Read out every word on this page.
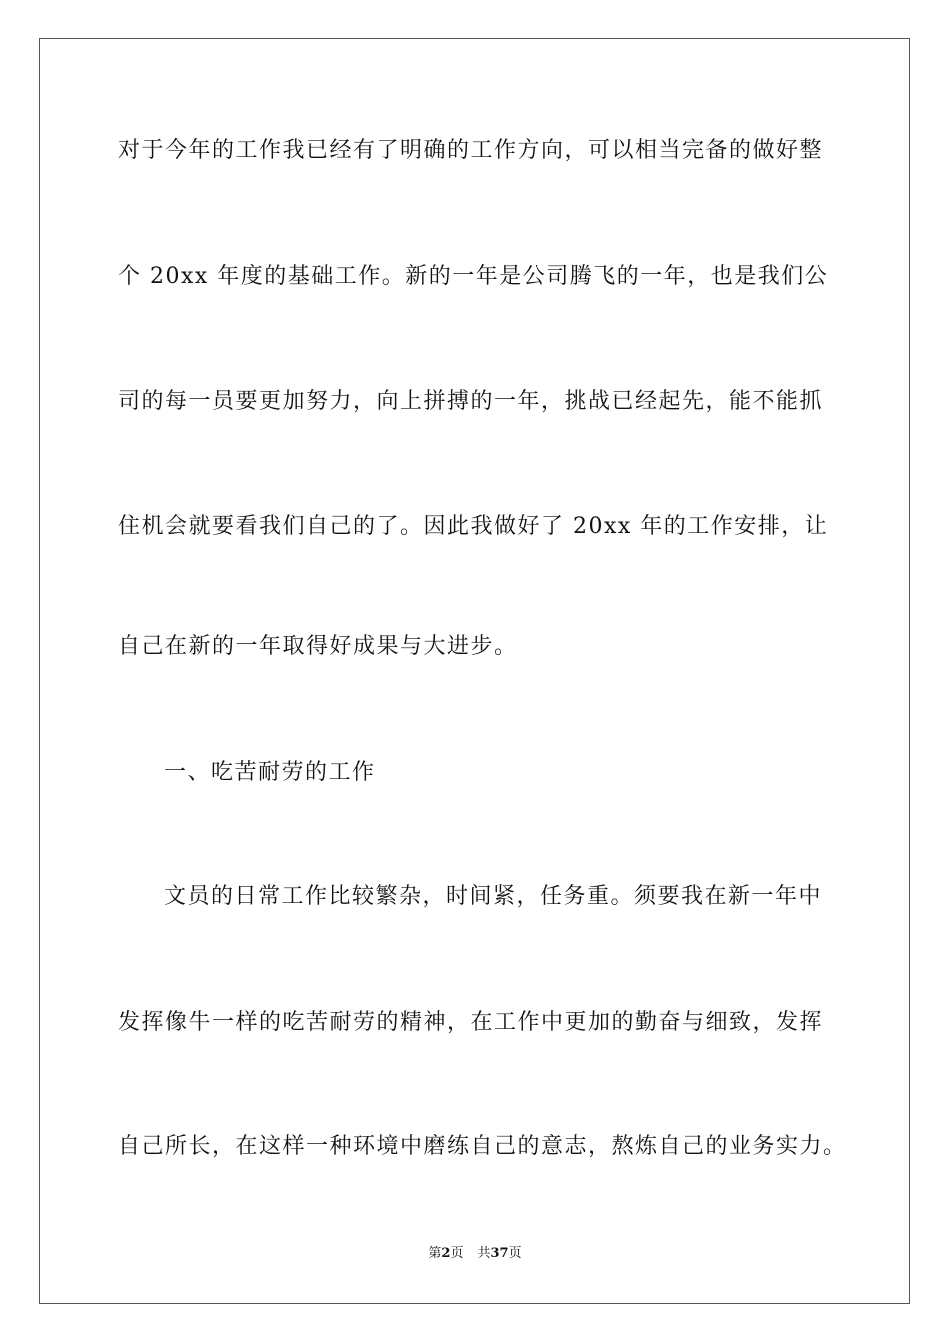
对于今年的工作我已经有了明确的工作方向，可以相当完备的做好整
个 20xx 年度的基础工作。新的一年是公司腾飞的一年，也是我们公
司的每一员要更加努力，向上拼搏的一年，挑战已经起先，能不能抓
住机会就要看我们自己的了。因此我做好了 20xx 年的工作安排，让
自己在新的一年取得好成果与大进步。
一、吃苦耐劳的工作
文员的日常工作比较繁杂，时间紧，任务重。须要我在新一年中
发挥像牛一样的吃苦耐劳的精神，在工作中更加的勤奋与细致，发挥
自己所长，在这样一种环境中磨练自己的意志，熬炼自己的业务实力。
第2页 共37页
